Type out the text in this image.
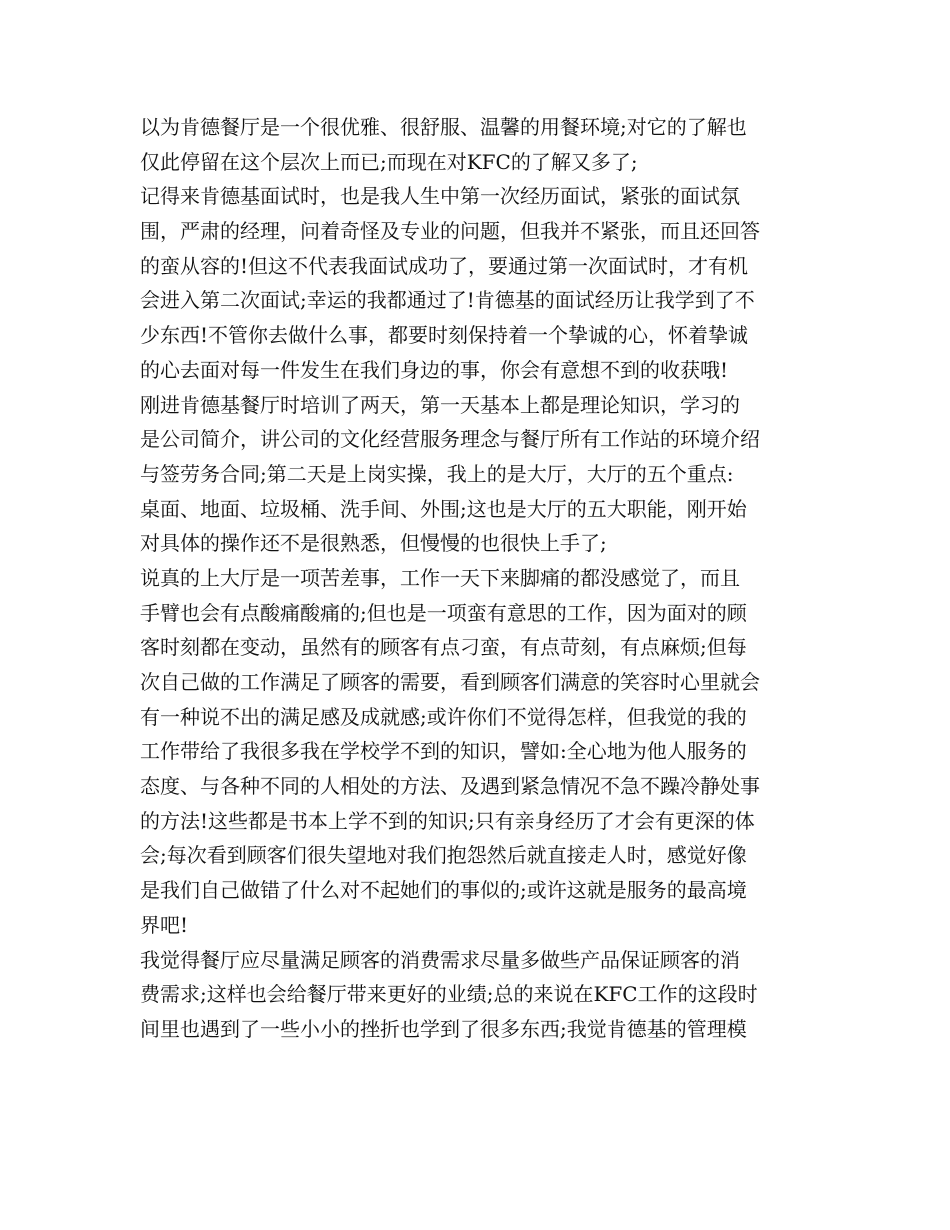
以为肯德餐厅是一个很优雅、很舒服、温馨的用餐环境;对它的了解也
仅此停留在这个层次上而已;而现在对KFC的了解又多了;
记得来肯德基面试时，也是我人生中第一次经历面试，紧张的面试氛
围，严肃的经理，问着奇怪及专业的问题，但我并不紧张，而且还回答
的蛮从容的!但这不代表我面试成功了，要通过第一次面试时，才有机
会进入第二次面试;幸运的我都通过了!肯德基的面试经历让我学到了不
少东西!不管你去做什么事，都要时刻保持着一个挚诚的心，怀着挚诚
的心去面对每一件发生在我们身边的事，你会有意想不到的收获哦!
刚进肯德基餐厅时培训了两天，第一天基本上都是理论知识，学习的
是公司简介，讲公司的文化经营服务理念与餐厅所有工作站的环境介绍
与签劳务合同;第二天是上岗实操，我上的是大厅，大厅的五个重点:
桌面、地面、垃圾桶、洗手间、外围;这也是大厅的五大职能，刚开始
对具体的操作还不是很熟悉，但慢慢的也很快上手了;
说真的上大厅是一项苦差事，工作一天下来脚痛的都没感觉了，而且
手臂也会有点酸痛酸痛的;但也是一项蛮有意思的工作，因为面对的顾
客时刻都在变动，虽然有的顾客有点刁蛮，有点苛刻，有点麻烦;但每
次自己做的工作满足了顾客的需要，看到顾客们满意的笑容时心里就会
有一种说不出的满足感及成就感;或许你们不觉得怎样，但我觉的我的
工作带给了我很多我在学校学不到的知识，譬如:全心地为他人服务的
态度、与各种不同的人相处的方法、及遇到紧急情况不急不躁冷静处事
的方法!这些都是书本上学不到的知识;只有亲身经历了才会有更深的体
会;每次看到顾客们很失望地对我们抱怨然后就直接走人时，感觉好像
是我们自己做错了什么对不起她们的事似的;或许这就是服务的最高境
界吧!
我觉得餐厅应尽量满足顾客的消费需求尽量多做些产品保证顾客的消
费需求;这样也会给餐厅带来更好的业绩;总的来说在KFC工作的这段时
间里也遇到了一些小小的挫折也学到了很多东西;我觉肯德基的管理模
